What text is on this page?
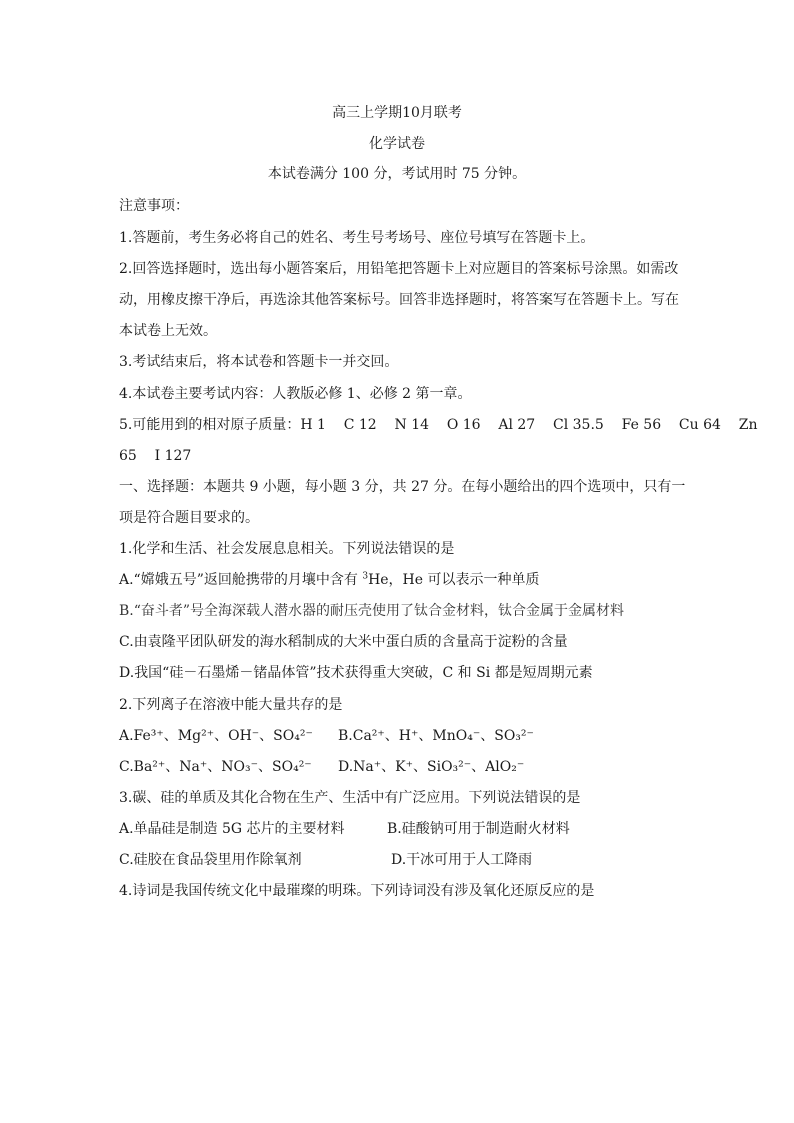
高三上学期10月联考
化学试卷
本试卷满分 100 分，考试用时 75 分钟。
注意事项：
1.答题前，考生务必将自己的姓名、考生号考场号、座位号填写在答题卡上。
2.回答选择题时，选出每小题答案后，用铅笔把答题卡上对应题目的答案标号涂黑。如需改
动，用橡皮擦干净后，再选涂其他答案标号。回答非选择题时，将答案写在答题卡上。写在
本试卷上无效。
3.考试结束后，将本试卷和答题卡一并交回。
4.本试卷主要考试内容：人教版必修 1、必修 2 第一章。
5.可能用到的相对原子质量：H 1    C 12    N 14    O 16    Al 27    Cl 35.5    Fe 56    Cu 64    Zn
65    I 127
一、选择题：本题共 9 小题，每小题 3 分，共 27 分。在每小题给出的四个选项中，只有一
项是符合题目要求的。
1.化学和生活、社会发展息息相关。下列说法错误的是
A.“嫦娥五号”返回舱携带的月壤中含有 $^3$He，He 可以表示一种单质
B.“奋斗者”号全海深载人潜水器的耐压壳使用了钛合金材料，钛合金属于金属材料
C.由袁隆平团队研发的海水稻制成的大米中蛋白质的含量高于淀粉的含量
D.我国“硅－石墨烯－锗晶体管”技术获得重大突破，C 和 Si 都是短周期元素
2.下列离子在溶液中能大量共存的是
A.Fe³⁺、Mg²⁺、OH⁻、SO₄²⁻ B.Ca²⁺、H⁺、MnO₄⁻、SO₃²⁻
C.Ba²⁺、Na⁺、NO₃⁻、SO₄²⁻ D.Na⁺、K⁺、SiO₃²⁻、AlO₂⁻
3.碳、硅的单质及其化合物在生产、生活中有广泛应用。下列说法错误的是
A.单晶硅是制造 5G 芯片的主要材料	B.硅酸钠可用于制造耐火材料
C.硅胶在食品袋里用作除氧剂	D.干冰可用于人工降雨
4.诗词是我国传统文化中最璀璨的明珠。下列诗词没有涉及氧化还原反应的是
